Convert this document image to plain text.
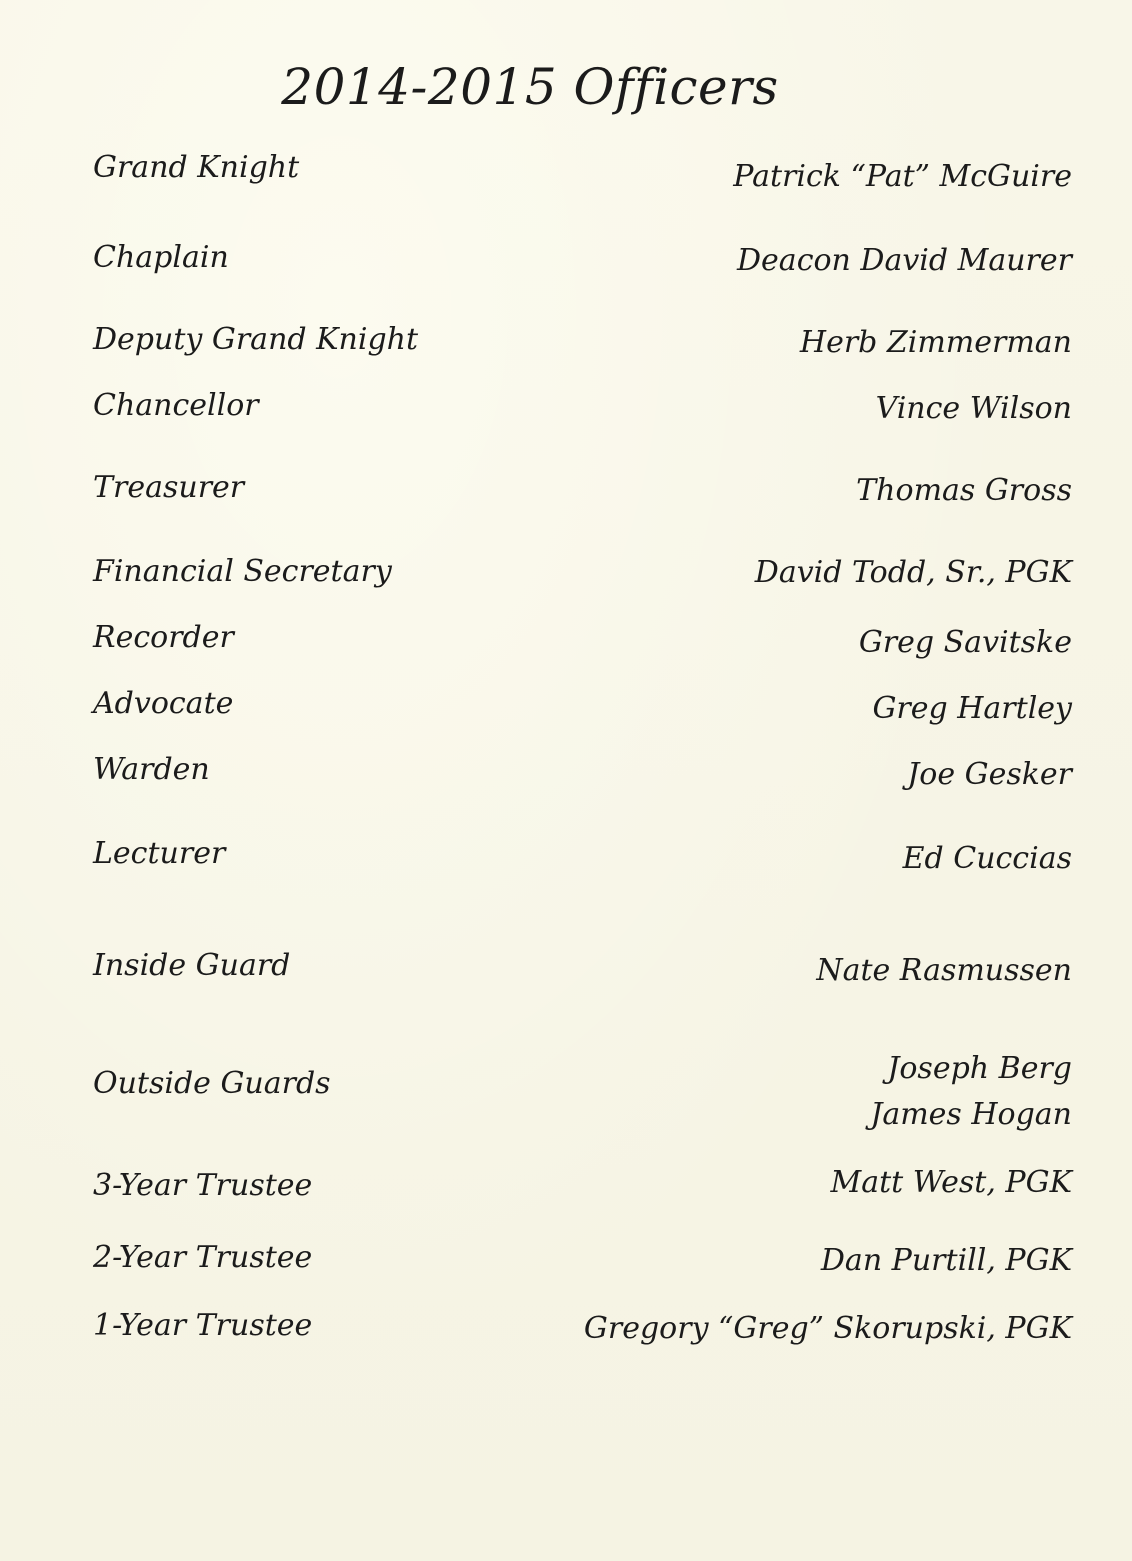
2014-2015 Officers
Grand Knight	Patrick “Pat” McGuire
Chaplain	Deacon David Maurer
Deputy Grand Knight	Herb Zimmerman
Chancellor	Vince Wilson
Treasurer	Thomas Gross
Financial Secretary	David Todd, Sr., PGK
Recorder	Greg Savitske
Advocate	Greg Hartley
Warden	Joe Gesker
Lecturer	Ed Cuccias
Inside Guard	Nate Rasmussen
Outside Guards	Joseph Berg
James Hogan
3-Year Trustee	Matt West, PGK
2-Year Trustee	Dan Purtill, PGK
1-Year Trustee	Gregory “Greg” Skorupski, PGK
